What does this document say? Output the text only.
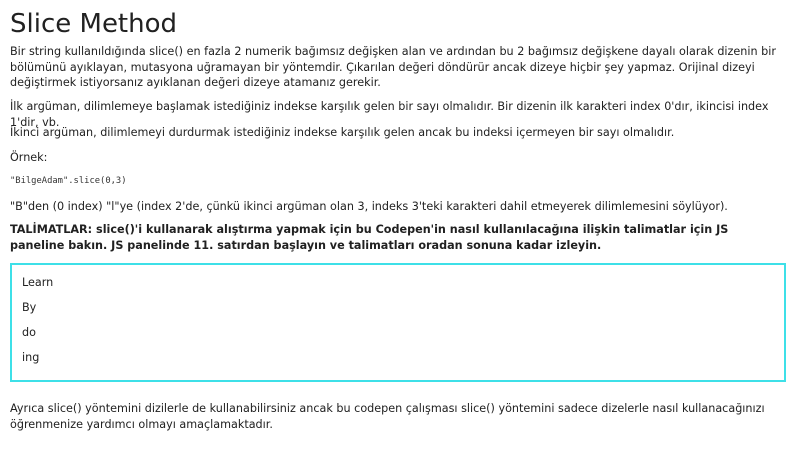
Slice Method

Bir string kullanıldığında slice() en fazla 2 numerik bağımsız değişken alan ve ardından bu 2 bağımsız değişkene dayalı olarak dizenin bir bölümünü ayıklayan, mutasyona uğramayan bir yöntemdir. Çıkarılan değeri döndürür ancak dizeye hiçbir şey yapmaz. Orijinal dizeyi değiştirmek istiyorsanız ayıklanan değeri dizeye atamanız gerekir.

İlk argüman, dilimlemeye başlamak istediğiniz indekse karşılık gelen bir sayı olmalıdır. Bir dizenin ilk karakteri index 0'dır, ikincisi index 1'dir, vb.

İkinci argüman, dilimlemeyi durdurmak istediğiniz indekse karşılık gelen ancak bu indeksi içermeyen bir sayı olmalıdır.

Örnek:

"BilgeAdam".slice(0,3)

"B"den (0 index) "l"ye (index 2'de, çünkü ikinci argüman olan 3, indeks 3'teki karakteri dahil etmeyerek dilimlemesini söylüyor).

TALİMATLAR: slice()'i kullanarak alıştırma yapmak için bu Codepen'in nasıl kullanılacağına ilişkin talimatlar için JS paneline bakın. JS panelinde 11. satırdan başlayın ve talimatları oradan sonuna kadar izleyin.

Learn
By
do
ing

Ayrıca slice() yöntemini dizilerle de kullanabilirsiniz ancak bu codepen çalışması slice() yöntemini sadece dizelerle nasıl kullanacağınızı öğrenmenize yardımcı olmayı amaçlamaktadır.
